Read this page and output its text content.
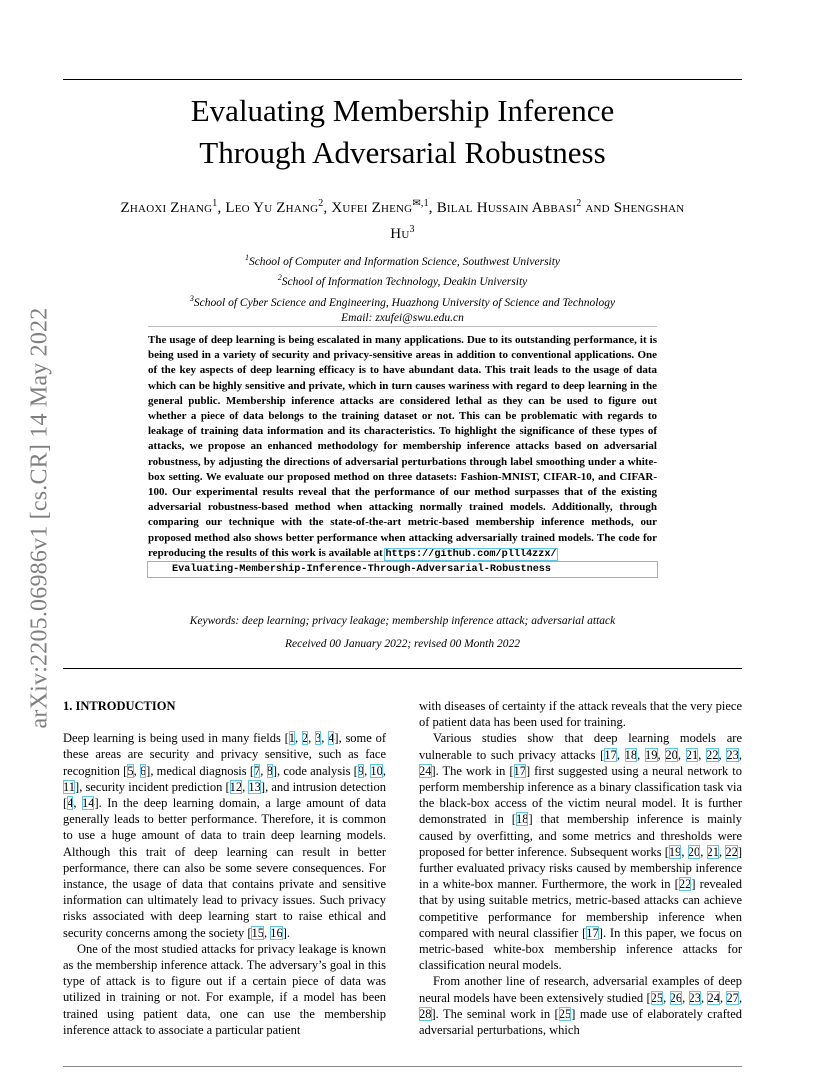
arXiv:2205.06986v1 [cs.CR] 14 May 2022
Evaluating Membership Inference
Through Adversarial Robustness
Zhaoxi Zhang$^1$, Leo Yu Zhang$^2$, Xufei Zheng$^{✉,1}$, Bilal Hussain Abbasi$^2$ and Shengshan Hu$^3$
$^1$School of Computer and Information Science, Southwest University
$^2$School of Information Technology, Deakin University
$^3$School of Cyber Science and Engineering, Huazhong University of Science and Technology
Email: zxufei@swu.edu.cn
The usage of deep learning is being escalated in many applications. Due to its outstanding performance, it is being used in a variety of security and privacy-sensitive areas in addition to conventional applications. One of the key aspects of deep learning efficacy is to have abundant data. This trait leads to the usage of data which can be highly sensitive and private, which in turn causes wariness with regard to deep learning in the general public. Membership inference attacks are considered lethal as they can be used to figure out whether a piece of data belongs to the training dataset or not. This can be problematic with regards to leakage of training data information and its characteristics. To highlight the significance of these types of attacks, we propose an enhanced methodology for membership inference attacks based on adversarial robustness, by adjusting the directions of adversarial perturbations through label smoothing under a white-box setting. We evaluate our proposed method on three datasets: Fashion-MNIST, CIFAR-10, and CIFAR-100. Our experimental results reveal that the performance of our method surpasses that of the existing adversarial robustness-based method when attacking normally trained models. Additionally, through comparing our technique with the state-of-the-art metric-based membership inference methods, our proposed method also shows better performance when attacking adversarially trained models. The code for reproducing the results of this work is available at https://github.com/plll4zzx/
Evaluating-Membership-Inference-Through-Adversarial-Robustness
Keywords: deep learning; privacy leakage; membership inference attack; adversarial attack
Received 00 January 2022; revised 00 Month 2022
1. INTRODUCTION

Deep learning is being used in many fields [1, 2, 3, 4], some of these areas are security and privacy sensitive, such as face recognition [5, 6], medical diagnosis [7, 8], code analysis [9, 10, 11], security incident prediction [12, 13], and intrusion detection [4, 14]. In the deep learning domain, a large amount of data generally leads to better performance. Therefore, it is common to use a huge amount of data to train deep learning models. Although this trait of deep learning can result in better performance, there can also be some severe consequences. For instance, the usage of data that contains private and sensitive information can ultimately lead to privacy issues. Such privacy risks associated with deep learning start to raise ethical and security concerns among the society [15, 16].

One of the most studied attacks for privacy leakage is known as the membership inference attack. The adversary’s goal in this type of attack is to figure out if a certain piece of data was utilized in training or not. For example, if a model has been trained using patient data, one can use the membership inference attack to associate a particular patient

with diseases of certainty if the attack reveals that the very piece of patient data has been used for training.

Various studies show that deep learning models are vulnerable to such privacy attacks [17, 18, 19, 20, 21, 22, 23, 24]. The work in [17] first suggested using a neural network to perform membership inference as a binary classification task via the black-box access of the victim neural model. It is further demonstrated in [18] that membership inference is mainly caused by overfitting, and some metrics and thresholds were proposed for better inference. Subsequent works [19, 20, 21, 22] further evaluated privacy risks caused by membership inference in a white-box manner. Furthermore, the work in [22] revealed that by using suitable metrics, metric-based attacks can achieve competitive performance for membership inference when compared with neural classifier [17]. In this paper, we focus on metric-based white-box membership inference attacks for classification neural models.

From another line of research, adversarial examples of deep neural models have been extensively studied [25, 26, 23, 24, 27, 28]. The seminal work in [25] made use of elaborately crafted adversarial perturbations, which
